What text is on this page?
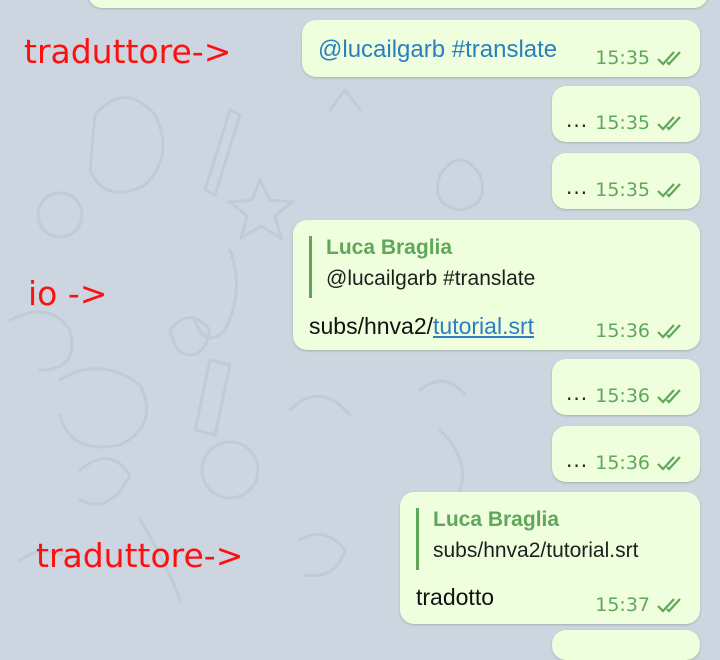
traduttore->
io ->
traduttore->
@lucailgarb #translate 15:35
... 15:35
... 15:35
Luca Braglia
@lucailgarb #translate
subs/hnva2/tutorial.srt	15:36
... 15:36
... 15:36
Luca Braglia
subs/hnva2/tutorial.srt
tradotto	15:37
